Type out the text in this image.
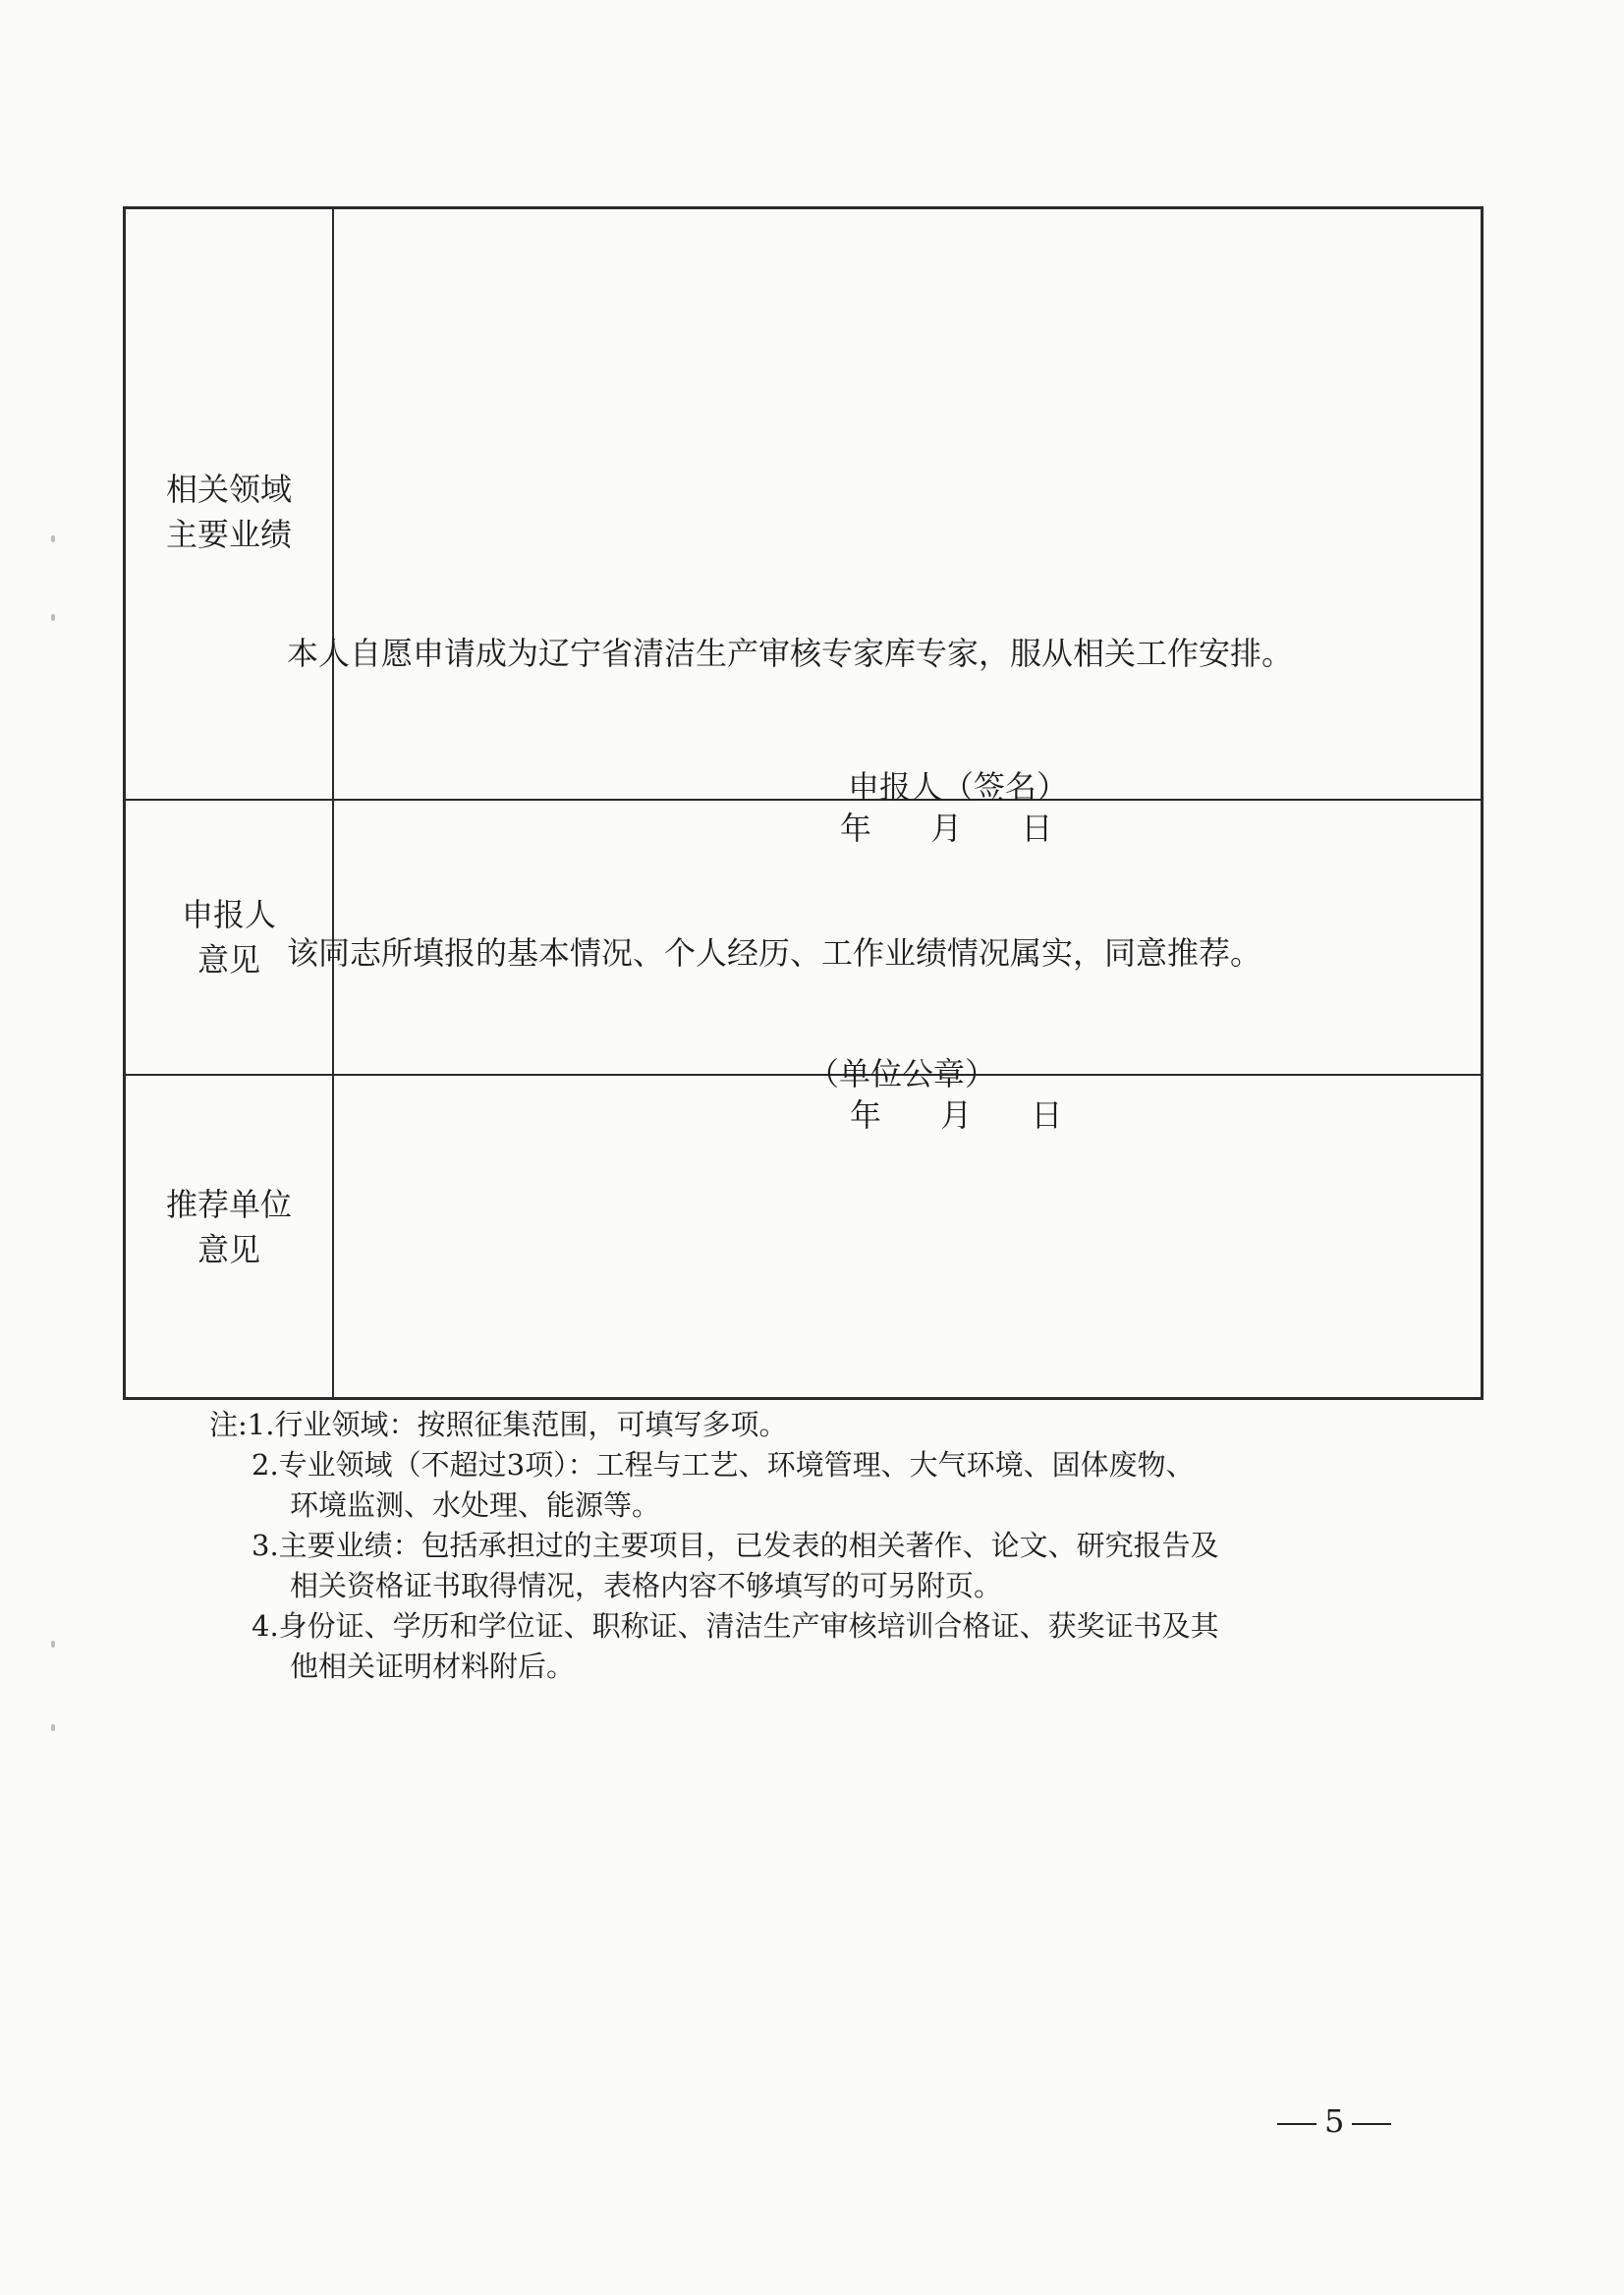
相关领域
主要业绩
申报人
意见
推荐单位
意见
本人自愿申请成为辽宁省清洁生产审核专家库专家，服从相关工作安排。
申报人（签名）
年 月 日
该同志所填报的基本情况、个人经历、工作业绩情况属实，同意推荐。
（单位公章）
年 月 日
注:1.行业领域：按照征集范围，可填写多项。
2.专业领域（不超过3项）：工程与工艺、环境管理、大气环境、固体废物、
环境监测、水处理、能源等。
3.主要业绩：包括承担过的主要项目，已发表的相关著作、论文、研究报告及
相关资格证书取得情况，表格内容不够填写的可另附页。
4.身份证、学历和学位证、职称证、清洁生产审核培训合格证、获奖证书及其
他相关证明材料附后。
5
